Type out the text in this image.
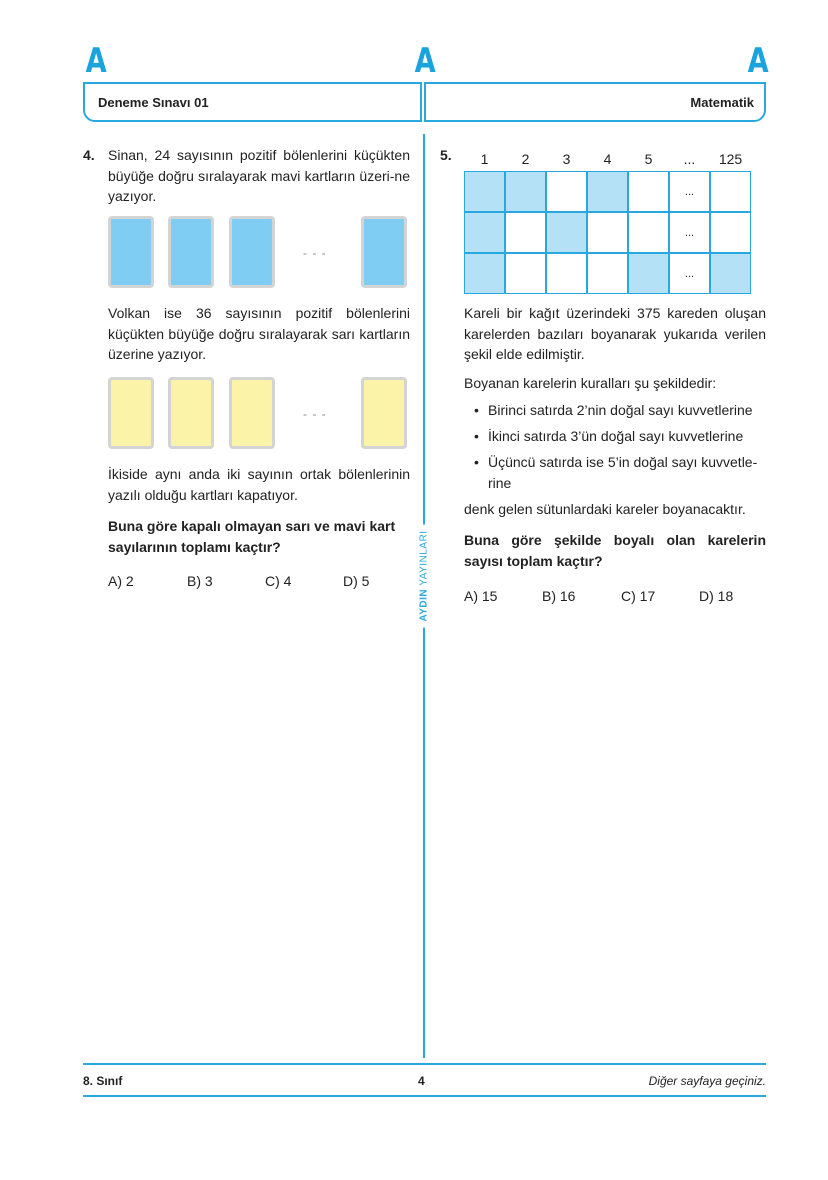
A	A	A
Deneme Sınavı 01	Matematik
AYDIN YAYINLARI
4. Sinan, 24 sayısının pozitif bölenlerini küçükten büyüğe doğru sıralayarak mavi kartların üzeri-ne yazıyor.
- - -
Volkan ise 36 sayısının pozitif bölenlerini küçükten büyüğe doğru sıralayarak sarı kartların üzerine yazıyor.
- - -
İkiside aynı anda iki sayının ortak bölenlerinin yazılı olduğu kartları kapatıyor.
Buna göre kapalı olmayan sarı ve mavi kart sayılarının toplamı kaçtır?
A) 2	B) 3	C) 4	D) 5
5.	1	2	3	4	5	...	125
...
...
...
Kareli bir kağıt üzerindeki 375 kareden oluşan karelerden bazıları boyanarak yukarıda verilen şekil elde edilmiştir.
Boyanan karelerin kuralları şu şekildedir:
• Birinci satırda 2’nin doğal sayı kuvvetlerine
• İkinci satırda 3’ün doğal sayı kuvvetlerine
• Üçüncü satırda ise 5’in doğal sayı kuvvetle-rine
denk gelen sütunlardaki kareler boyanacaktır.
Buna göre şekilde boyalı olan karelerin sayısı toplam kaçtır?
A) 15	B) 16	C) 17	D) 18
8. Sınıf	4	Diğer sayfaya geçiniz.
